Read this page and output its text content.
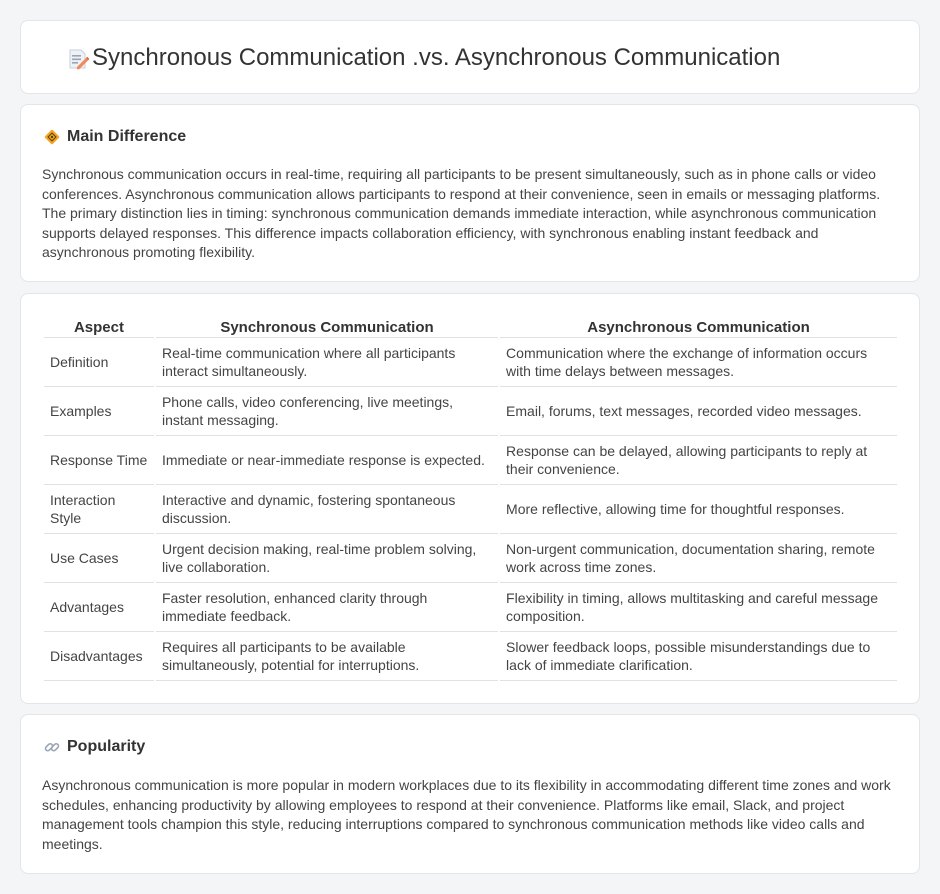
Synchronous Communication .vs. Asynchronous Communication
Main Difference

Synchronous communication occurs in real-time, requiring all participants to be present simultaneously, such as in phone calls or video conferences. Asynchronous communication allows participants to respond at their convenience, seen in emails or messaging platforms. The primary distinction lies in timing: synchronous communication demands immediate interaction, while asynchronous communication supports delayed responses. This difference impacts collaboration efficiency, with synchronous enabling instant feedback and asynchronous promoting flexibility.

Aspect	Synchronous Communication	Asynchronous Communication
Definition	Real-time communication where all participants interact simultaneously.	Communication where the exchange of information occurs with time delays between messages.
Examples	Phone calls, video conferencing, live meetings, instant messaging.	Email, forums, text messages, recorded video messages.
Response Time	Immediate or near-immediate response is expected.	Response can be delayed, allowing participants to reply at their convenience.
Interaction Style	Interactive and dynamic, fostering spontaneous discussion.	More reflective, allowing time for thoughtful responses.
Use Cases	Urgent decision making, real-time problem solving, live collaboration.	Non-urgent communication, documentation sharing, remote work across time zones.
Advantages	Faster resolution, enhanced clarity through immediate feedback.	Flexibility in timing, allows multitasking and careful message composition.
Disadvantages	Requires all participants to be available simultaneously, potential for interruptions.	Slower feedback loops, possible misunderstandings due to lack of immediate clarification.
Popularity

Asynchronous communication is more popular in modern workplaces due to its flexibility in accommodating different time zones and work schedules, enhancing productivity by allowing employees to respond at their convenience. Platforms like email, Slack, and project management tools champion this style, reducing interruptions compared to synchronous communication methods like video calls and meetings.
